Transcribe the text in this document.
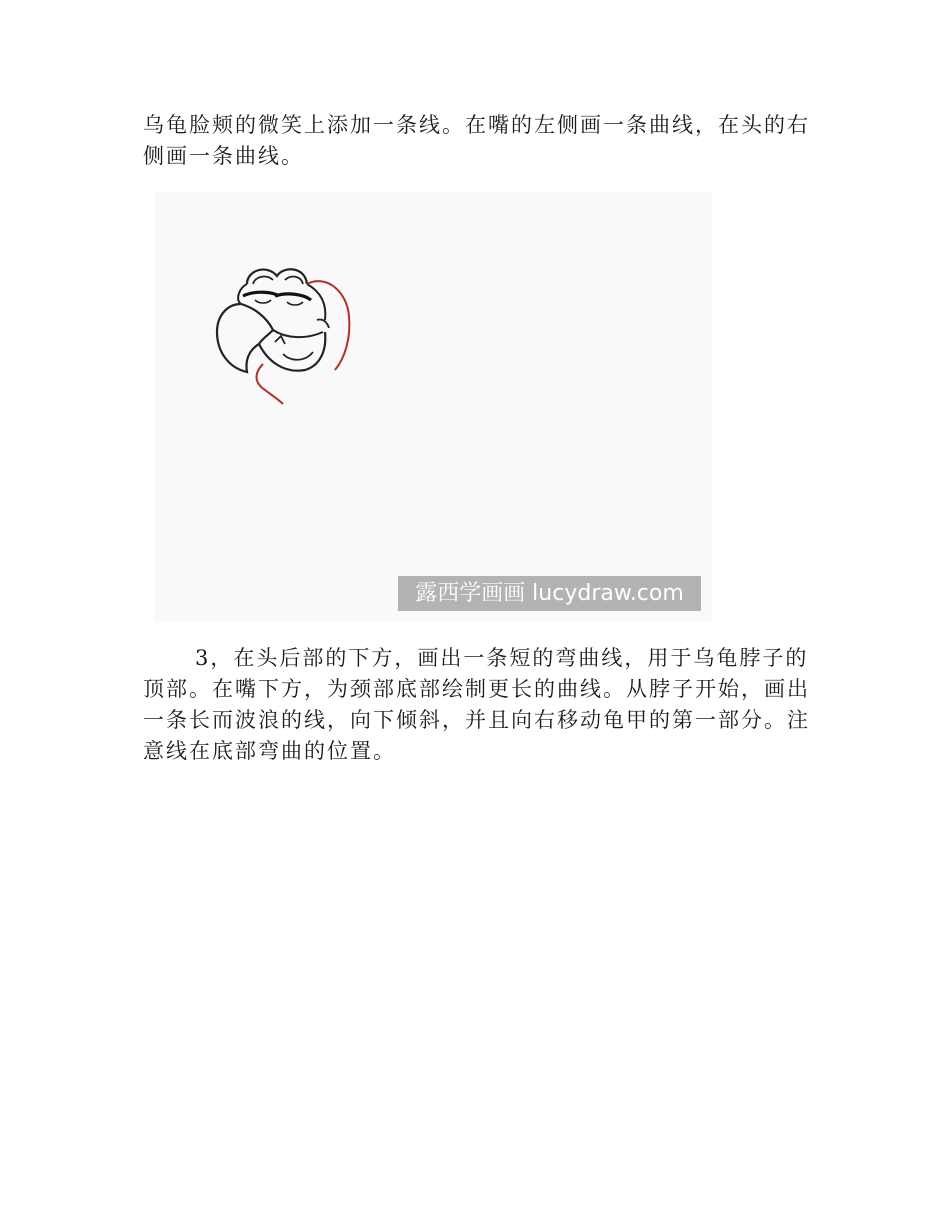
乌龟脸颊的微笑上添加一条线。在嘴的左侧画一条曲线，在头的右侧画一条曲线。

露西学画画 lucydraw.com

3，在头后部的下方，画出一条短的弯曲线，用于乌龟脖子的顶部。在嘴下方，为颈部底部绘制更长的曲线。从脖子开始，画出一条长而波浪的线，向下倾斜，并且向右移动龟甲的第一部分。注意线在底部弯曲的位置。
